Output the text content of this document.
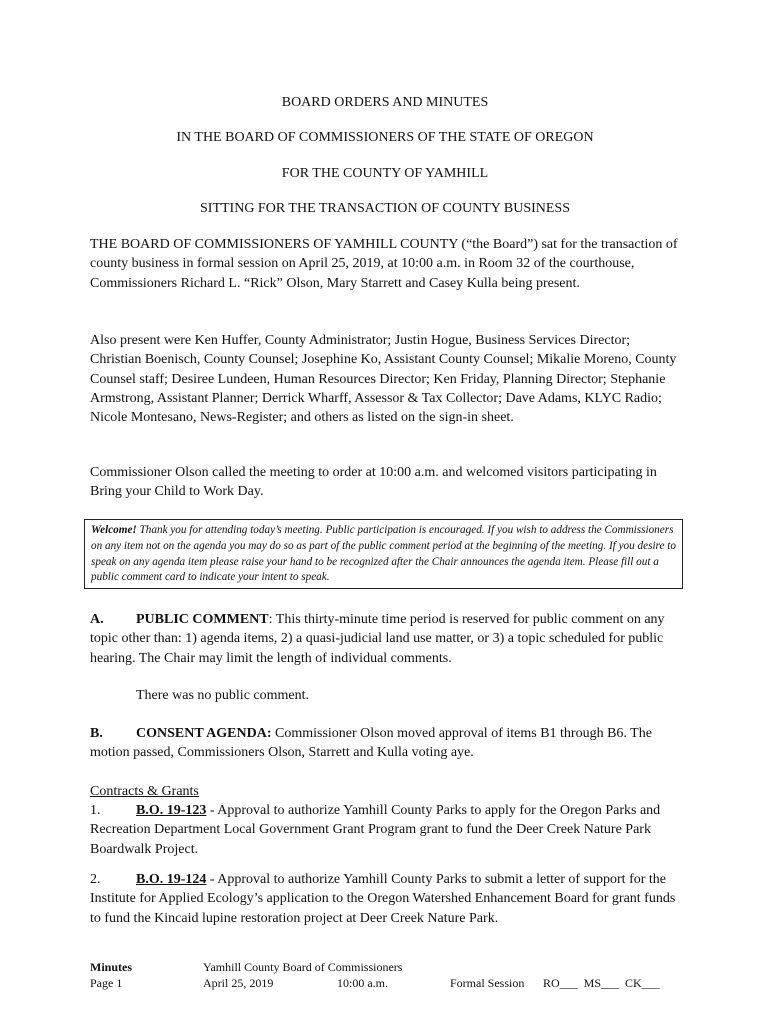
BOARD ORDERS AND MINUTES
IN THE BOARD OF COMMISSIONERS OF THE STATE OF OREGON
FOR THE COUNTY OF YAMHILL
SITTING FOR THE TRANSACTION OF COUNTY BUSINESS
THE BOARD OF COMMISSIONERS OF YAMHILL COUNTY (“the Board”) sat for the transaction of county business in formal session on April 25, 2019, at 10:00 a.m. in Room 32 of the courthouse, Commissioners Richard L. “Rick” Olson, Mary Starrett and Casey Kulla being present.
Also present were Ken Huffer, County Administrator; Justin Hogue, Business Services Director; Christian Boenisch, County Counsel; Josephine Ko, Assistant County Counsel; Mikalie Moreno, County Counsel staff; Desiree Lundeen, Human Resources Director; Ken Friday, Planning Director; Stephanie Armstrong, Assistant Planner; Derrick Wharff, Assessor & Tax Collector; Dave Adams, KLYC Radio; Nicole Montesano, News-Register; and others as listed on the sign-in sheet.
Commissioner Olson called the meeting to order at 10:00 a.m. and welcomed visitors participating in Bring your Child to Work Day.
Welcome! Thank you for attending today’s meeting. Public participation is encouraged. If you wish to address the Commissioners on any item not on the agenda you may do so as part of the public comment period at the beginning of the meeting. If you desire to speak on any agenda item please raise your hand to be recognized after the Chair announces the agenda item. Please fill out a public comment card to indicate your intent to speak.
A. PUBLIC COMMENT: This thirty-minute time period is reserved for public comment on any topic other than: 1) agenda items, 2) a quasi-judicial land use matter, or 3) a topic scheduled for public hearing. The Chair may limit the length of individual comments.
There was no public comment.
B. CONSENT AGENDA: Commissioner Olson moved approval of items B1 through B6. The motion passed, Commissioners Olson, Starrett and Kulla voting aye.
Contracts & Grants
1.	B.O. 19-123 - Approval to authorize Yamhill County Parks to apply for the Oregon Parks and Recreation Department Local Government Grant Program grant to fund the Deer Creek Nature Park Boardwalk Project.
2.	B.O. 19-124 - Approval to authorize Yamhill County Parks to submit a letter of support for the Institute for Applied Ecology’s application to the Oregon Watershed Enhancement Board for grant funds to fund the Kincaid lupine restoration project at Deer Creek Nature Park.
Minutes
Page 1
Yamhill County Board of Commissioners
April 25, 2019	10:00 a.m.	Formal Session RO___  MS___  CK___
